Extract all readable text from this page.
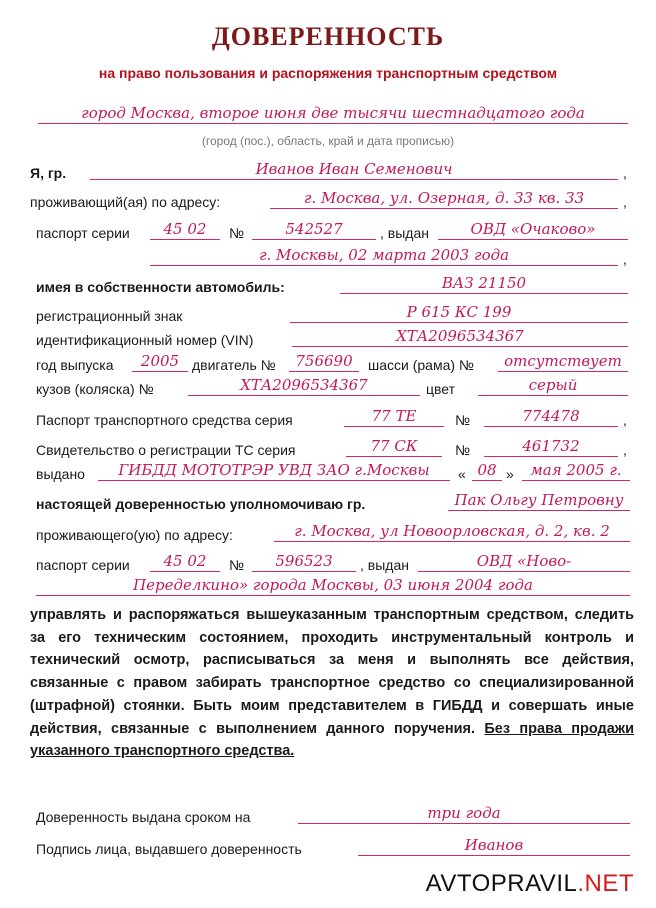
ДОВЕРЕННОСТЬ
на право пользования и распоряжения транспортным средством
город Москва, второе июня две тысячи шестнадцатого года
(город (пос.), область, край и дата прописью)
Я, гр.	Иванов Иван Семенович	,
проживающий(ая) по адресу:	г. Москва, ул. Озерная, д. 33 кв. 33	,
паспорт серии	45 02	№	542527	, выдан	ОВД «Очаково»
г. Москвы, 02 марта 2003 года	,
имея в собственности автомобиль:	ВАЗ 21150
регистрационный знак	Р 615 КС 199
идентификационный номер (VIN)	ХТА2096534367
год выпуска	2005 двигатель №	756690	шасси (рама) №	отсутствует
кузов (коляска) №	ХТА2096534367	цвет	серый
Паспорт транспортного средства серия	77 ТЕ	№	774478	,
Свидетельство о регистрации ТС серия	77 СК	№	461732	,
выдано	ГИБДД МОТОТРЭР УВД ЗАО г.Москвы	« 08 »	мая 2005 г.
настоящей доверенностью уполномочиваю гр.	Пак Ольгу Петровну
проживающего(ую) по адресу:	г. Москва, ул Новоорловская, д. 2, кв. 2
паспорт серии	45 02	№	596523	, выдан	ОВД «Ново-
Переделкино» города Москвы, 03 июня 2004 года
управлять и распоряжаться вышеуказанным транспортным средством, следить за его техническим состоянием, проходить инструментальный контроль и технический осмотр, расписываться за меня и выполнять все действия, связанные с правом забирать транспортное средство со специализированной (штрафной) стоянки. Быть моим представителем в ГИБДД и совершать иные действия, связанные с выполнением данного поручения. Без права продажи указанного транспортного средства.
Доверенность выдана сроком на	три года
Подпись лица, выдавшего доверенность	Иванов
AVTOPRAVIL.NET
